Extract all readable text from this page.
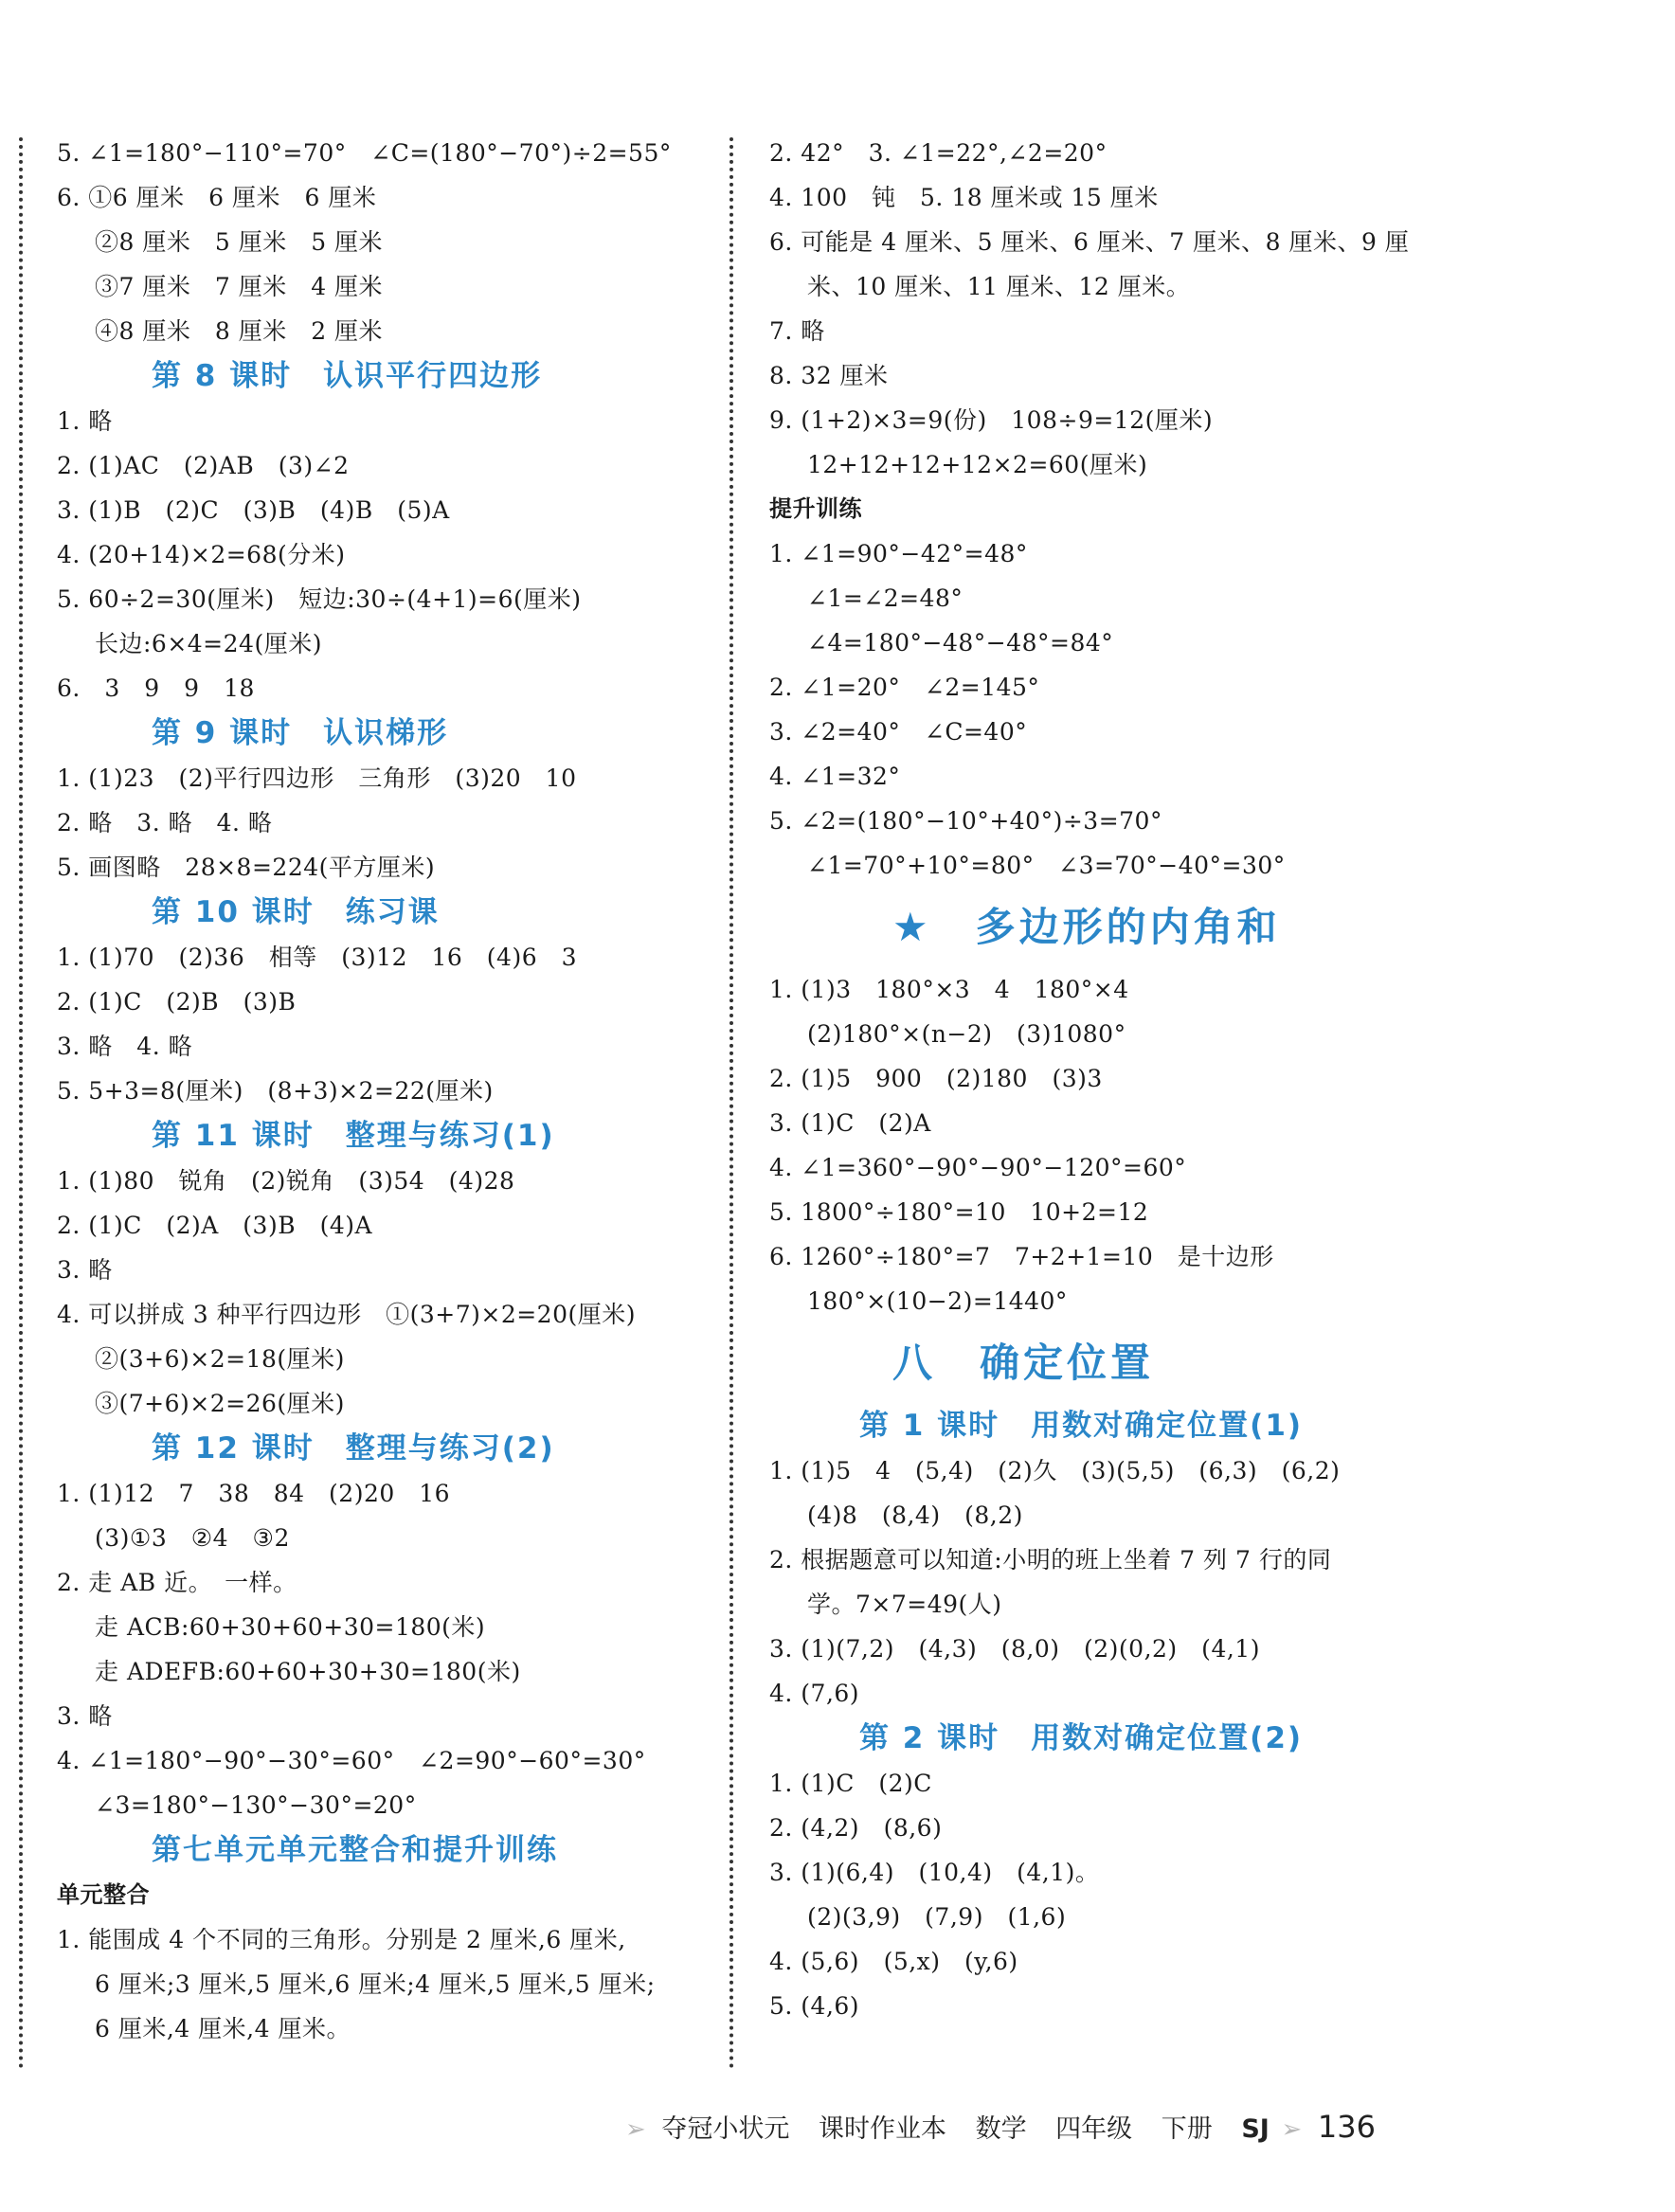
5. ∠1=180°−110°=70°　∠C=(180°−70°)÷2=55°
6. ①6 厘米　6 厘米　6 厘米
②8 厘米　5 厘米　5 厘米
③7 厘米　7 厘米　4 厘米
④8 厘米　8 厘米　2 厘米
第 8 课时　认识平行四边形
1. 略
2. (1)AC　(2)AB　(3)∠2
3. (1)B　(2)C　(3)B　(4)B　(5)A
4. (20+14)×2=68(分米)
5. 60÷2=30(厘米)　短边:30÷(4+1)=6(厘米)
长边:6×4=24(厘米)
6.　3　9　9　18
第 9 课时　认识梯形
1. (1)23　(2)平行四边形　三角形　(3)20　10
2. 略　3. 略　4. 略
5. 画图略　28×8=224(平方厘米)
第 10 课时　练习课
1. (1)70　(2)36　相等　(3)12　16　(4)6　3
2. (1)C　(2)B　(3)B
3. 略　4. 略
5. 5+3=8(厘米)　(8+3)×2=22(厘米)
第 11 课时　整理与练习(1)
1. (1)80　锐角　(2)锐角　(3)54　(4)28
2. (1)C　(2)A　(3)B　(4)A
3. 略
4. 可以拼成 3 种平行四边形　①(3+7)×2=20(厘米)
②(3+6)×2=18(厘米)
③(7+6)×2=26(厘米)
第 12 课时　整理与练习(2)
1. (1)12　7　38　84　(2)20　16
(3)①3　②4　③2
2. 走 AB 近。　一样。
走 ACB:60+30+60+30=180(米)
走 ADEFB:60+60+30+30=180(米)
3. 略
4. ∠1=180°−90°−30°=60°　∠2=90°−60°=30°
∠3=180°−130°−30°=20°
第七单元单元整合和提升训练
单元整合
1. 能围成 4 个不同的三角形。分别是 2 厘米,6 厘米,
6 厘米;3 厘米,5 厘米,6 厘米;4 厘米,5 厘米,5 厘米;
6 厘米,4 厘米,4 厘米。
2. 42°　3. ∠1=22°,∠2=20°
4. 100　钝　5. 18 厘米或 15 厘米
6. 可能是 4 厘米、5 厘米、6 厘米、7 厘米、8 厘米、9 厘
米、10 厘米、11 厘米、12 厘米。
7. 略
8. 32 厘米
9. (1+2)×3=9(份)　108÷9=12(厘米)
12+12+12+12×2=60(厘米)
提升训练
1. ∠1=90°−42°=48°
∠1=∠2=48°
∠4=180°−48°−48°=84°
2. ∠1=20°　∠2=145°
3. ∠2=40°　∠C=40°
4. ∠1=32°
5. ∠2=(180°−10°+40°)÷3=70°
∠1=70°+10°=80°　∠3=70°−40°=30°
★　多边形的内角和
1. (1)3　180°×3　4　180°×4
(2)180°×(n−2)　(3)1080°
2. (1)5　900　(2)180　(3)3
3. (1)C　(2)A
4. ∠1=360°−90°−90°−120°=60°
5. 1800°÷180°=10　10+2=12
6. 1260°÷180°=7　7+2+1=10　是十边形
180°×(10−2)=1440°
八　确定位置
第 1 课时　用数对确定位置(1)
1. (1)5　4　(5,4)　(2)久　(3)(5,5)　(6,3)　(6,2)
(4)8　(8,4)　(8,2)
2. 根据题意可以知道:小明的班上坐着 7 列 7 行的同
学。7×7=49(人)
3. (1)(7,2)　(4,3)　(8,0)　(2)(0,2)　(4,1)
4. (7,6)
第 2 课时　用数对确定位置(2)
1. (1)C　(2)C
2. (4,2)　(8,6)
3. (1)(6,4)　(10,4)　(4,1)。
(2)(3,9)　(7,9)　(1,6)
4. (5,6)　(5,x)　(y,6)
5. (4,6)
➢ 夺冠小状元 课时作业本 数学 四年级 下册 SJ ➢ 136
